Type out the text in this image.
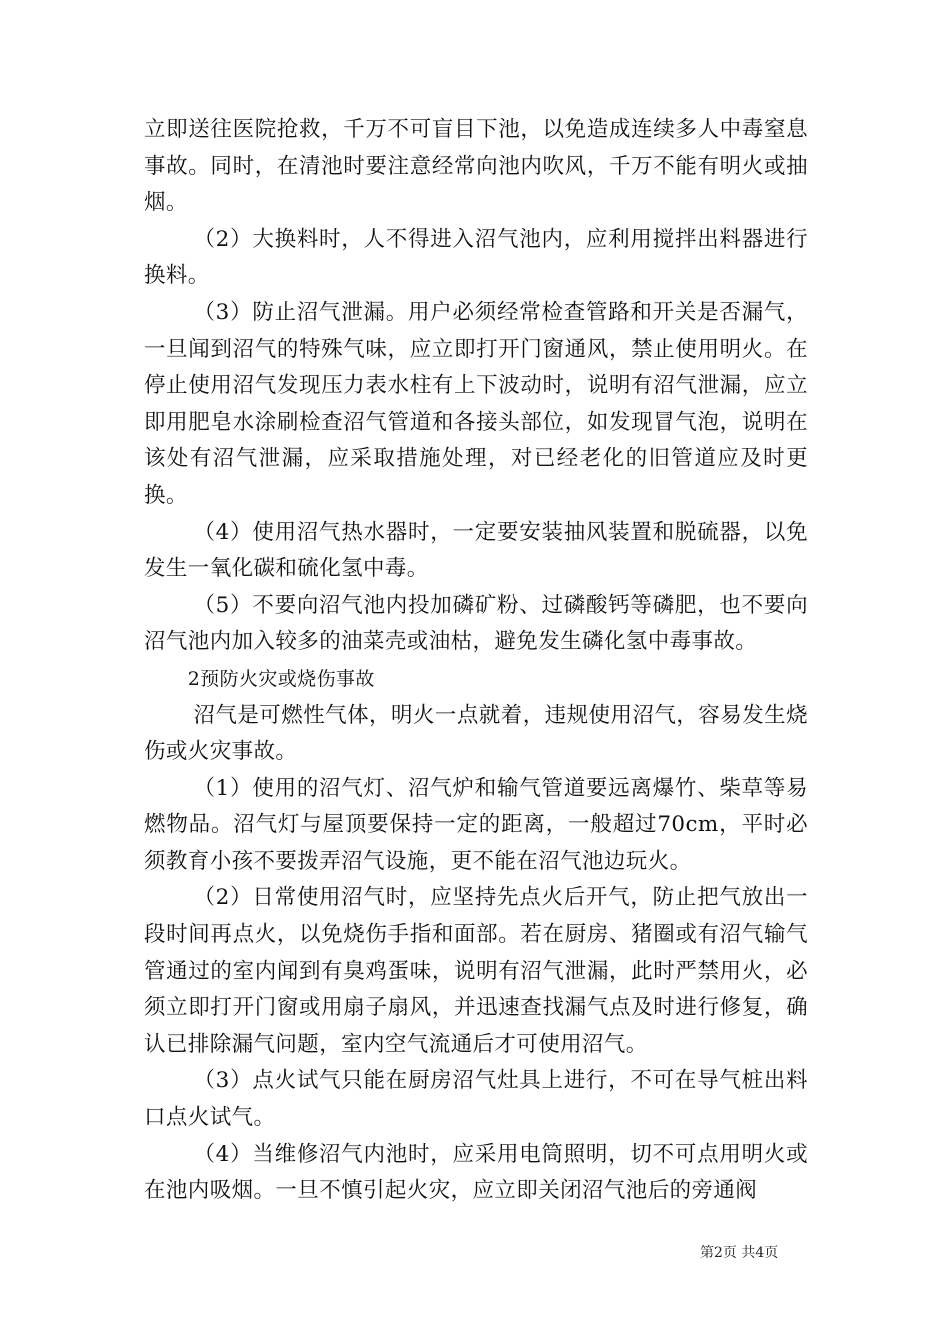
立即送往医院抢救，千万不可盲目下池，以免造成连续多人中毒窒息事故。同时，在清池时要注意经常向池内吹风，千万不能有明火或抽烟。

（2）大换料时，人不得进入沼气池内，应利用搅拌出料器进行换料。

（3）防止沼气泄漏。用户必须经常检查管路和开关是否漏气，一旦闻到沼气的特殊气味，应立即打开门窗通风，禁止使用明火。在停止使用沼气发现压力表水柱有上下波动时，说明有沼气泄漏，应立即用肥皂水涂刷检查沼气管道和各接头部位，如发现冒气泡，说明在该处有沼气泄漏，应采取措施处理，对已经老化的旧管道应及时更换。

（4）使用沼气热水器时，一定要安装抽风装置和脱硫器，以免发生一氧化碳和硫化氢中毒。

（5）不要向沼气池内投加磷矿粉、过磷酸钙等磷肥，也不要向沼气池内加入较多的油菜壳或油枯，避免发生磷化氢中毒事故。

2预防火灾或烧伤事故

沼气是可燃性气体，明火一点就着，违规使用沼气，容易发生烧伤或火灾事故。

（1）使用的沼气灯、沼气炉和输气管道要远离爆竹、柴草等易燃物品。沼气灯与屋顶要保持一定的距离，一般超过70cm，平时必须教育小孩不要拨弄沼气设施，更不能在沼气池边玩火。

（2）日常使用沼气时，应坚持先点火后开气，防止把气放出一段时间再点火，以免烧伤手指和面部。若在厨房、猪圈或有沼气输气管通过的室内闻到有臭鸡蛋味，说明有沼气泄漏，此时严禁用火，必须立即打开门窗或用扇子扇风，并迅速查找漏气点及时进行修复，确认已排除漏气问题，室内空气流通后才可使用沼气。

（3）点火试气只能在厨房沼气灶具上进行，不可在导气桩出料口点火试气。

（4）当维修沼气内池时，应采用电筒照明，切不可点用明火或在池内吸烟。一旦不慎引起火灾，应立即关闭沼气池后的旁通阀

第2页 共4页
